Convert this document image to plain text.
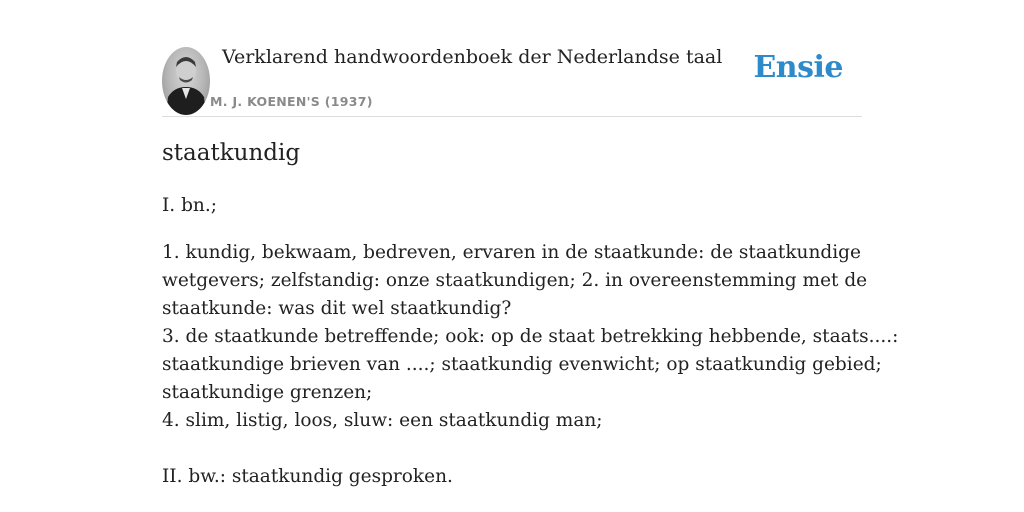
Verklarend handwoordenboek der Nederlandse taal
M. J. KOENEN'S (1937)
Ensie
staatkundig
I. bn.;
1. kundig, bekwaam, bedreven, ervaren in de staatkunde: de staatkundige
wetgevers; zelfstandig: onze staatkundigen; 2. in overeenstemming met de
staatkunde: was dit wel staatkundig?
3. de staatkunde betreffende; ook: op de staat betrekking hebbende, staats....:
staatkundige brieven van ....; staatkundig evenwicht; op staatkundig gebied;
staatkundige grenzen;
4. slim, listig, loos, sluw: een staatkundig man;
II. bw.: staatkundig gesproken.
